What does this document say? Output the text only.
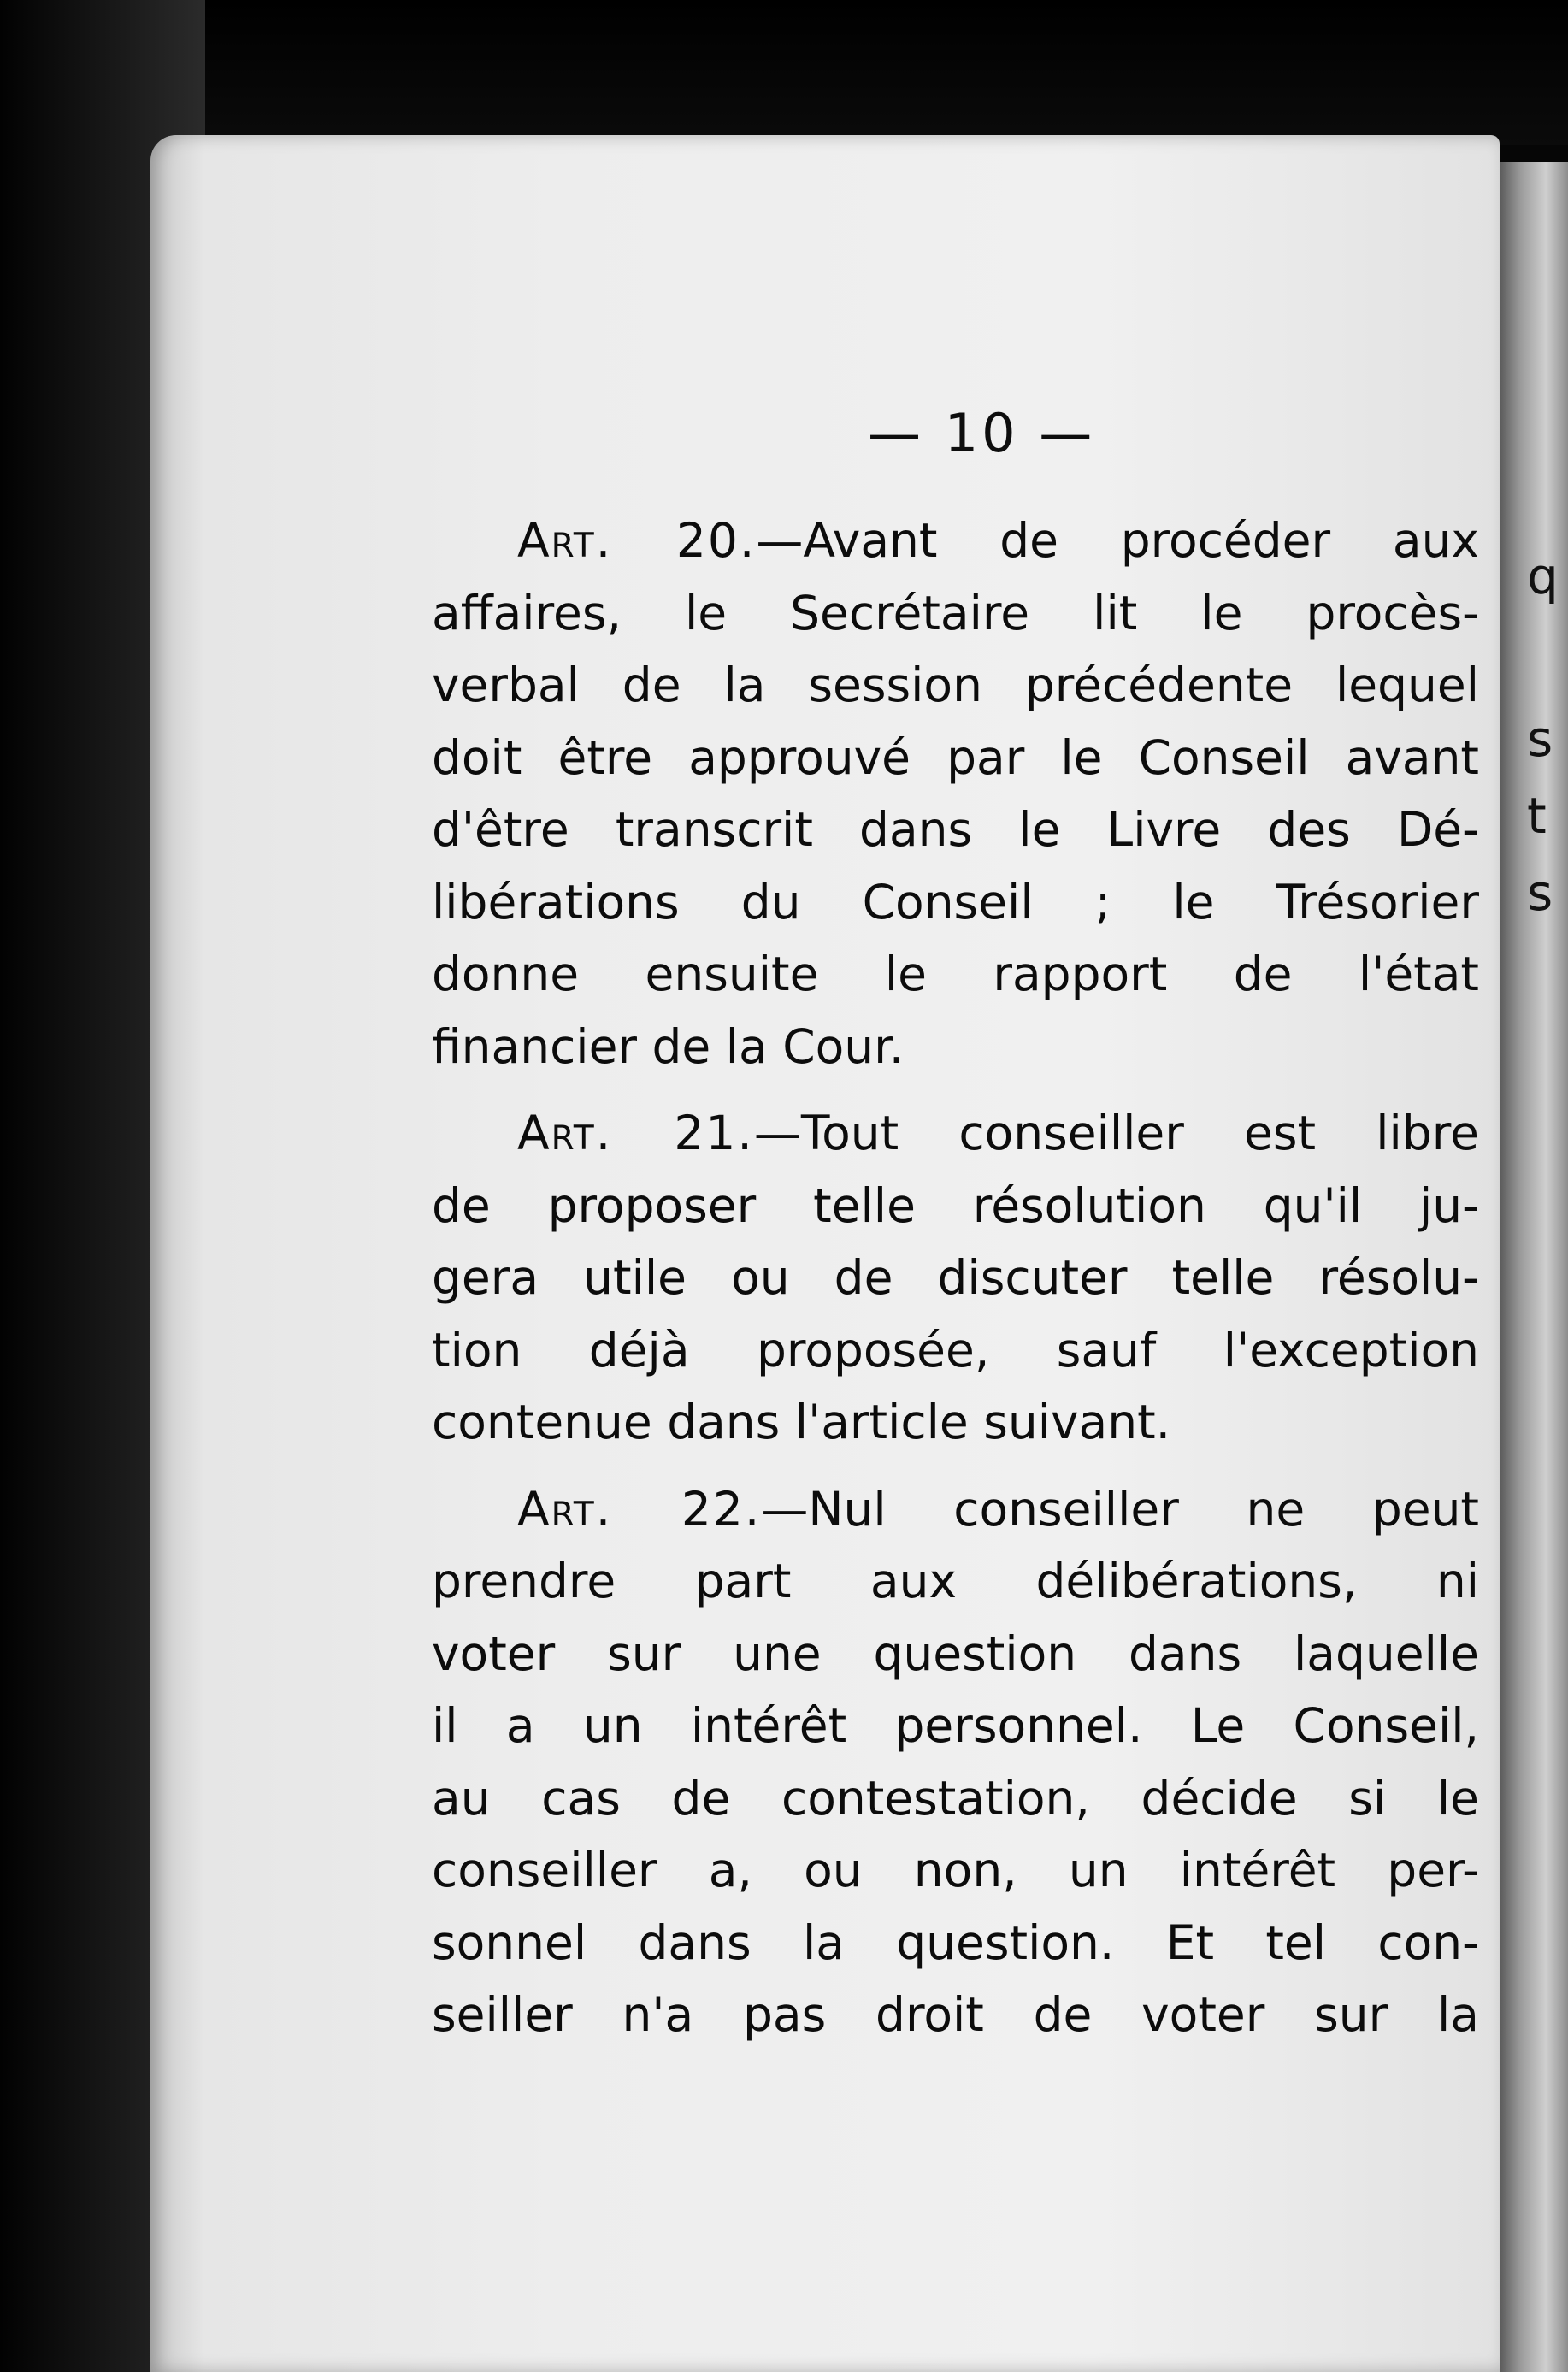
q
s
t
s
— 10 —
Art. 20.—Avant de procéder aux
affaires, le Secrétaire lit le procès-
verbal de la session précédente lequel
doit être approuvé par le Conseil avant
d'être transcrit dans le Livre des Dé-
libérations du Conseil ; le Trésorier
donne ensuite le rapport de l'état
financier de la Cour.
Art. 21.—Tout conseiller est libre
de proposer telle résolution qu'il ju-
gera utile ou de discuter telle résolu-
tion déjà proposée, sauf l'exception
contenue dans l'article suivant.
Art. 22.—Nul conseiller ne peut
prendre part aux délibérations, ni
voter sur une question dans laquelle
il a un intérêt personnel. Le Conseil,
au cas de contestation, décide si le
conseiller a, ou non, un intérêt per-
sonnel dans la question. Et tel con-
seiller n'a pas droit de voter sur la
